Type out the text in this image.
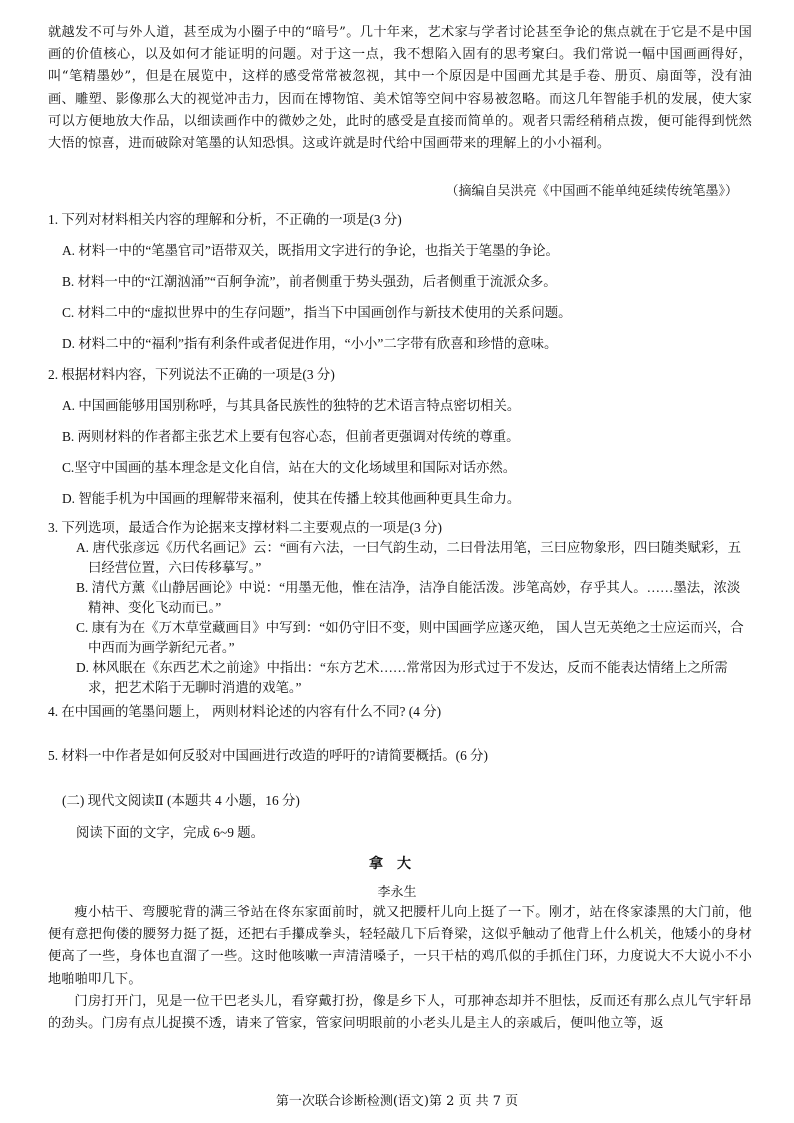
就越发不可与外人道，甚至成为小圈子中的“暗号”。几十年来，艺术家与学者讨论甚至争论的焦点就在于它是不是中国画的价值核心，以及如何才能证明的问题。对于这一点，我不想陷入固有的思考窠臼。我们常说一幅中国画画得好，叫“笔精墨妙”，但是在展览中，这样的感受常常被忽视，其中一个原因是中国画尤其是手卷、册页、扇面等，没有油画、雕塑、影像那么大的视觉冲击力，因而在博物馆、美术馆等空间中容易被忽略。而这几年智能手机的发展，使大家可以方便地放大作品，以细读画作中的微妙之处，此时的感受是直接而简单的。观者只需经稍稍点拨，便可能得到恍然大悟的惊喜，进而破除对笔墨的认知恐惧。这或许就是时代给中国画带来的理解上的小小福利。
（摘编自吴洪亮《中国画不能单纯延续传统笔墨》）

1. 下列对材料相关内容的理解和分析，不正确的一项是(3 分)

A. 材料一中的“笔墨官司”语带双关，既指用文字进行的争论，也指关于笔墨的争论。

B. 材料一中的“江潮汹涌”“百舸争流”，前者侧重于势头强劲，后者侧重于流派众多。

C. 材料二中的“虚拟世界中的生存问题”，指当下中国画创作与新技术使用的关系问题。

D. 材料二中的“福利”指有利条件或者促进作用，“小小”二字带有欣喜和珍惜的意味。

2. 根据材料内容，下列说法不正确的一项是(3 分)

A. 中国画能够用国别称呼，与其具备民族性的独特的艺术语言特点密切相关。

B. 两则材料的作者都主张艺术上要有包容心态，但前者更强调对传统的尊重。

C.坚守中国画的基本理念是文化自信，站在大的文化场域里和国际对话亦然。

D. 智能手机为中国画的理解带来福利，使其在传播上较其他画种更具生命力。

3. 下列选项，最适合作为论据来支撑材料二主要观点的一项是(3 分)

A. 唐代张彦远《历代名画记》云：“画有六法，一曰气韵生动，二曰骨法用笔，三曰应物象形，四曰随类赋彩，五曰经营位置，六曰传移摹写。”

B. 清代方薰《山静居画论》中说：“用墨无他，惟在洁净，洁净自能活泼。涉笔高妙，存乎其人。……墨法，浓淡精神、变化飞动而已。”

C. 康有为在《万木草堂藏画目》中写到：“如仍守旧不变，则中国画学应遂灭绝， 国人岂无英绝之士应运而兴，合中西而为画学新纪元者。”

D. 林风眠在《东西艺术之前途》中指出：“东方艺术……常常因为形式过于不发达，反而不能表达情绪上之所需求，把艺术陷于无聊时消遣的戏笔。”

4. 在中国画的笔墨问题上， 两则材料论述的内容有什么不同? (4 分)

5. 材料一中作者是如何反驳对中国画进行改造的呼吁的?请简要概括。(6 分)

(二) 现代文阅读Ⅱ (本题共 4 小题，16 分)
阅读下面的文字，完成 6~9 题。
拿大
李永生

瘦小枯干、弯腰驼背的满三爷站在佟东家面前时，就又把腰杆儿向上挺了一下。刚才，站在佟家漆黑的大门前，他便有意把佝偻的腰努力挺了挺，还把右手攥成拳头，轻轻敲几下后脊梁，这似乎触动了他背上什么机关，他矮小的身材便高了一些，身体也直溜了一些。这时他咳嗽一声清清嗓子，一只干枯的鸡爪似的手抓住门环，力度说大不大说小不小地啪啪叩几下。

门房打开门，见是一位干巴老头儿，看穿戴打扮，像是乡下人，可那神态却并不胆怯，反而还有那么点儿气宇轩昂的劲头。门房有点儿捉摸不透，请来了管家，管家问明眼前的小老头儿是主人的亲戚后，便叫他立等，返

第一次联合诊断检测(语文)第 2 页 共 7 页
